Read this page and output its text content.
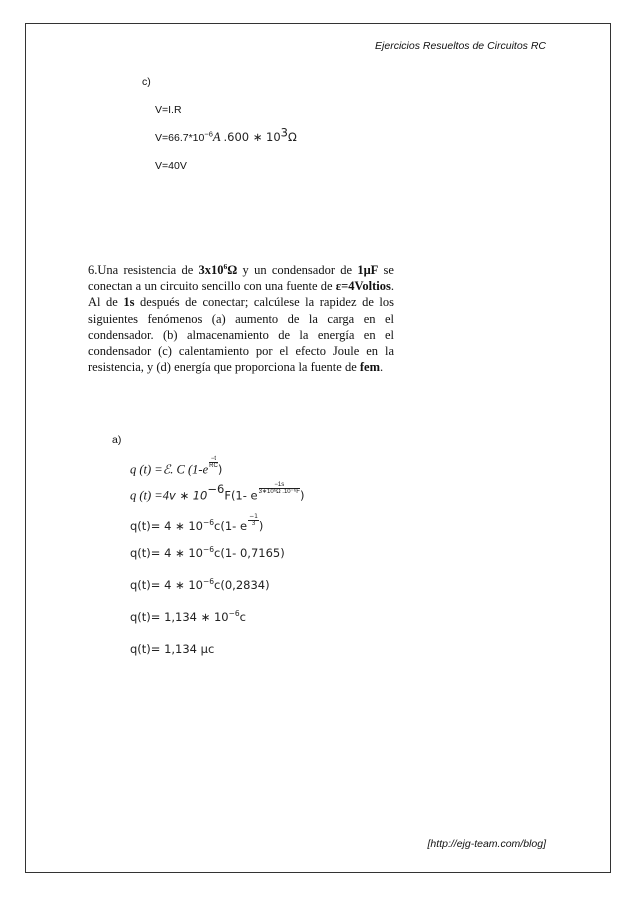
Ejercicios Resueltos de Circuitos RC
c)
V=I.R
$V=66.7*10^{-6}A$ .600 ∗ $10^3\Omega$
V=40V

6.Una resistencia de $3x10^6\Omega$ y un condensador de 1μF se conectan a un circuito sencillo con una fuente de ε=4Voltios. Al de 1s después de conectar; calcúlese la rapidez de los siguientes fenómenos (a) aumento de la carga en el condensador. (b) almacenamiento de la energía en el condensador (c) calentamiento por el efecto Joule en la resistencia, y (d) energía que proporciona la fuente de fem.

a)
q (t) =ℰ. C ($1-e \frac{-t}{RC}$ )
q (t) =4v ∗ $10^{-6}F(1-$ e $\frac{-1s}{\text{3∗10⁶Ω .10⁻⁶F}}$ )
q(t)= 4 ∗ $10^{-6}c(1-$ e $\frac{-1}{3}$ )
q(t)= 4 ∗ $10^{-6}c(1-$ 0,7165)
q(t)= 4 ∗ $10^{-6}c(0,2834)$
q(t)= 1,134 ∗ $10^{-6}c$
q(t)= 1,134 μc
[http://ejg-team.com/blog]
